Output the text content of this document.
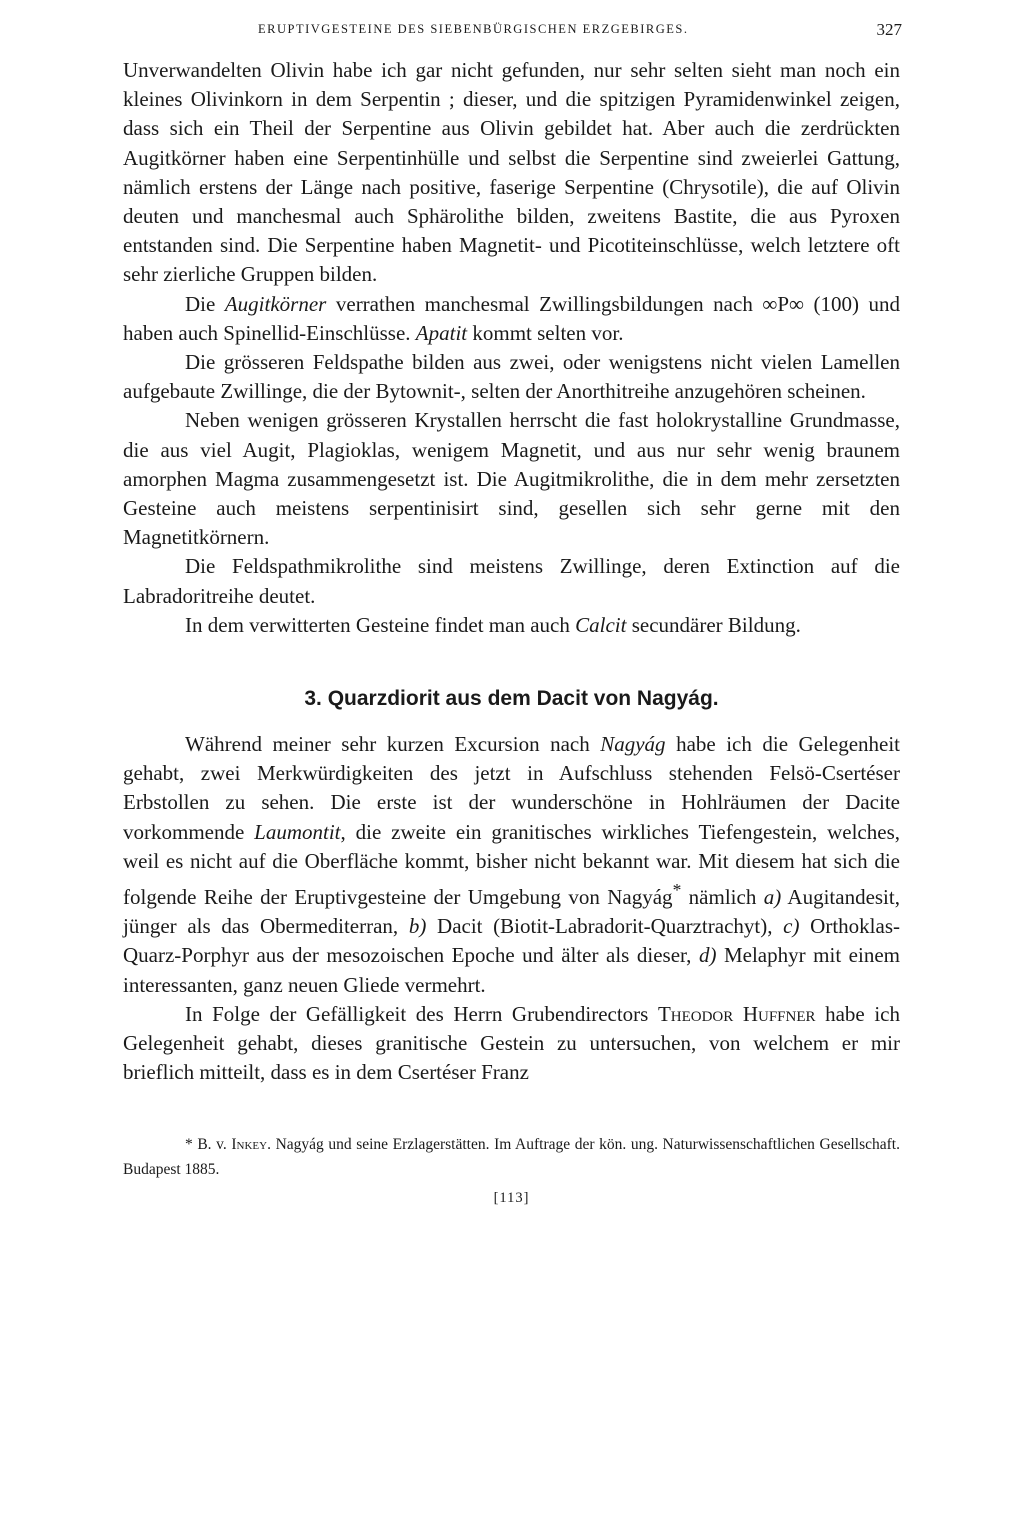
ERUPTIVGESTEINE DES SIEBENBÜRGISCHEN ERZGEBIRGES.	327

Unverwandelten Olivin habe ich gar nicht gefunden, nur sehr selten sieht man noch ein kleines Olivinkorn in dem Serpentin ; dieser, und die spitzigen Pyramidenwinkel zeigen, dass sich ein Theil der Serpentine aus Olivin gebildet hat. Aber auch die zerdrückten Augitkörner haben eine Serpentinhülle und selbst die Serpentine sind zweierlei Gattung, nämlich erstens der Länge nach positive, faserige Serpentine (Chrysotile), die auf Olivin deuten und manchesmal auch Sphärolithe bilden, zweitens Bastite, die aus Pyroxen entstanden sind. Die Serpentine haben Magnetit- und Picotiteinschlüsse, welch letztere oft sehr zierliche Gruppen bilden.

Die Augitkörner verrathen manchesmal Zwillingsbildungen nach ∞P∞ (100) und haben auch Spinellid-Einschlüsse. Apatit kommt selten vor.

Die grösseren Feldspathe bilden aus zwei, oder wenigstens nicht vielen Lamellen aufgebaute Zwillinge, die der Bytownit-, selten der Anorthitreihe anzugehören scheinen.

Neben wenigen grösseren Krystallen herrscht die fast holokrystalline Grundmasse, die aus viel Augit, Plagioklas, wenigem Magnetit, und aus nur sehr wenig braunem amorphen Magma zusammengesetzt ist. Die Augitmikrolithe, die in dem mehr zersetzten Gesteine auch meistens serpentinisirt sind, gesellen sich sehr gerne mit den Magnetitkörnern.

Die Feldspathmikrolithe sind meistens Zwillinge, deren Extinction auf die Labradoritreihe deutet.

In dem verwitterten Gesteine findet man auch Calcit secundärer Bildung.

3. Quarzdiorit aus dem Dacit von Nagyág.

Während meiner sehr kurzen Excursion nach Nagyág habe ich die Gelegenheit gehabt, zwei Merkwürdigkeiten des jetzt in Aufschluss stehenden Felsö-Csertéser Erbstollen zu sehen. Die erste ist der wunderschöne in Hohlräumen der Dacite vorkommende Laumontit, die zweite ein granitisches wirkliches Tiefengestein, welches, weil es nicht auf die Oberfläche kommt, bisher nicht bekannt war. Mit diesem hat sich die folgende Reihe der Eruptivgesteine der Umgebung von Nagyág* nämlich a) Augitandesit, jünger als das Obermediterran, b) Dacit (Biotit-Labradorit-Quarztrachyt), c) Orthoklas-Quarz-Porphyr aus der mesozoischen Epoche und älter als dieser, d) Melaphyr mit einem interessanten, ganz neuen Gliede vermehrt.

In Folge der Gefälligkeit des Herrn Grubendirectors Theodor Huffner habe ich Gelegenheit gehabt, dieses granitische Gestein zu untersuchen, von welchem er mir brieflich mitteilt, dass es in dem Csertéser Franz

* B. v. Inkey. Nagyág und seine Erzlagerstätten. Im Auftrage der kön. ung. Naturwissenschaftlichen Gesellschaft. Budapest 1885.

[113]
